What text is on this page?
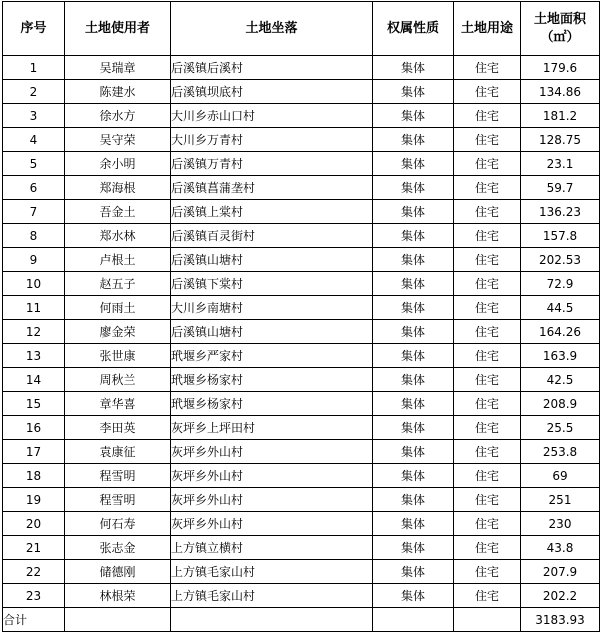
序号	土地使用者	土地坐落	权属性质	土地用途	土地面积
（㎡）

1	吴瑞章	后溪镇后溪村	集体	住宅	179.6
2	陈建水	后溪镇坝底村	集体	住宅	134.86
3	徐水方	大川乡赤山口村	集体	住宅	181.2
4	吴守荣	大川乡万青村	集体	住宅	128.75
5	余小明	后溪镇万青村	集体	住宅	23.1
6	郑海根	后溪镇菖蒲垄村	集体	住宅	59.7
7	吾金土	后溪镇上棠村	集体	住宅	136.23
8	郑水林	后溪镇百灵街村	集体	住宅	157.8
9	卢根土	后溪镇山塘村	集体	住宅	202.53
10	赵五子	后溪镇下棠村	集体	住宅	72.9
11	何雨土	大川乡南塘村	集体	住宅	44.5
12	廖金荣	后溪镇山塘村	集体	住宅	164.26
13	张世康	玳堰乡严家村	集体	住宅	163.9
14	周秋兰	玳堰乡杨家村	集体	住宅	42.5
15	章华喜	玳堰乡杨家村	集体	住宅	208.9
16	李田英	灰坪乡上坪田村	集体	住宅	25.5
17	袁康征	灰坪乡外山村	集体	住宅	253.8
18	程雪明	灰坪乡外山村	集体	住宅	69
19	程雪明	灰坪乡外山村	集体	住宅	251
20	何石寿	灰坪乡外山村	集体	住宅	230
21	张志金	上方镇立横村	集体	住宅	43.8
22	储德刚	上方镇毛家山村	集体	住宅	207.9
23	林根荣	上方镇毛家山村	集体	住宅	202.2
合计					3183.93
